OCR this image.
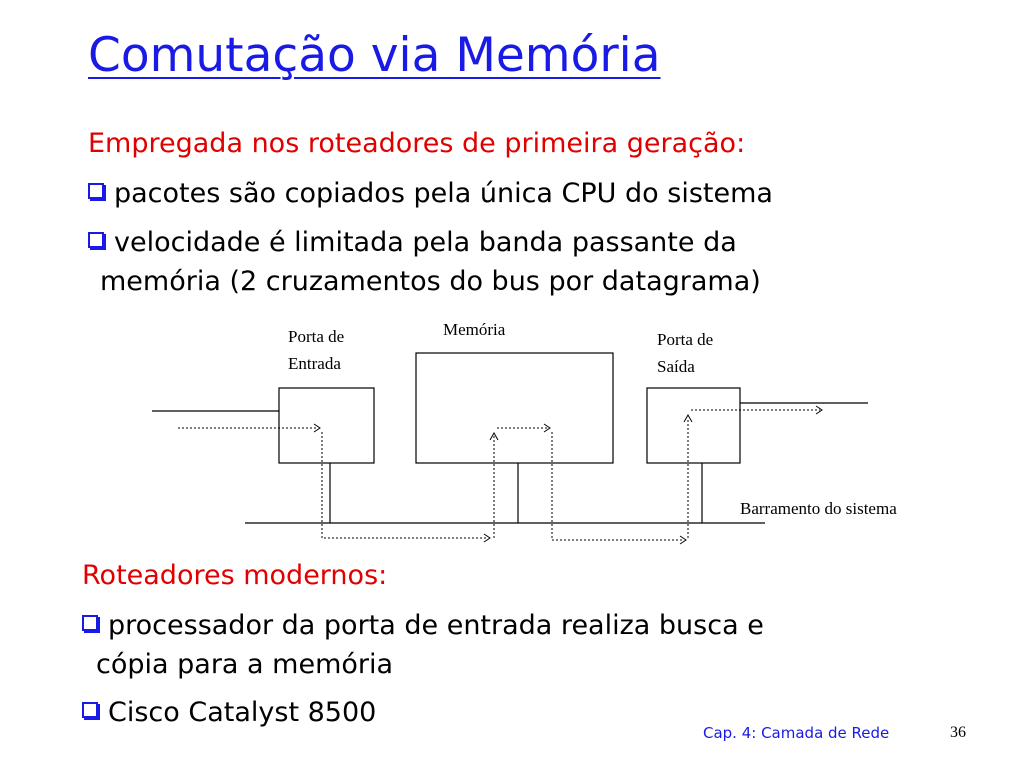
Comutação via Memória
Empregada nos roteadores de primeira geração:
pacotes são copiados pela única CPU do sistema
velocidade é limitada pela banda passante da
memória (2 cruzamentos do bus por datagrama)
Memória
Porta de
Entrada
Porta de
Saída
Barramento do sistema
Roteadores modernos:
processador da porta de entrada realiza busca e
cópia para a memória
Cisco Catalyst 8500
Cap. 4: Camada de Rede	36
